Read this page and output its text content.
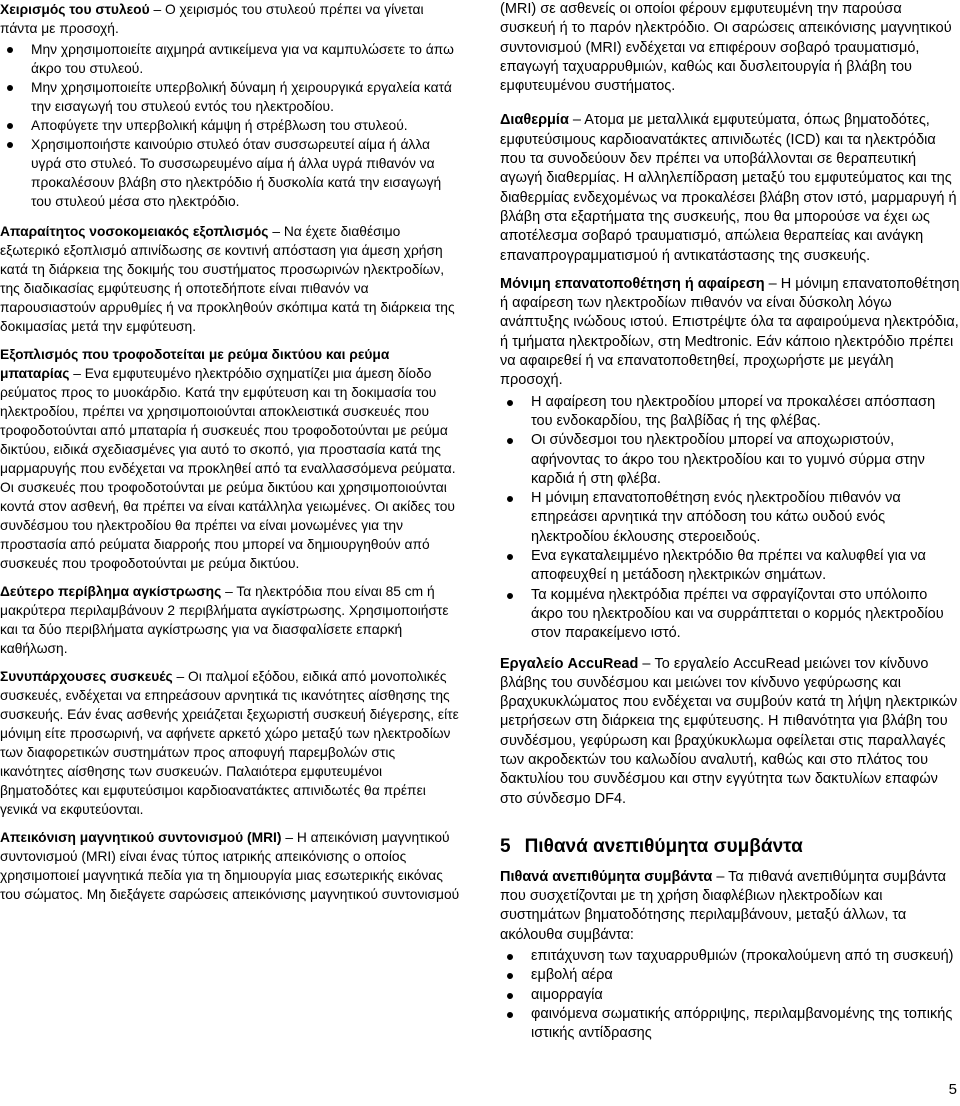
Χειρισμός του στυλεού – Ο χειρισμός του στυλεού πρέπει να γίνεται πάντα με προσοχή.

Μην χρησιμοποιείτε αιχμηρά αντικείμενα για να καμπυλώσετε το άπω άκρο του στυλεού.
Μην χρησιμοποιείτε υπερβολική δύναμη ή χειρουργικά εργαλεία κατά την εισαγωγή του στυλεού εντός του ηλεκτροδίου.
Αποφύγετε την υπερβολική κάμψη ή στρέβλωση του στυλεού.
Χρησιμοποιήστε καινούριο στυλεό όταν συσσωρευτεί αίμα ή άλλα υγρά στο στυλεό. Το συσσωρευμένο αίμα ή άλλα υγρά πιθανόν να προκαλέσουν βλάβη στο ηλεκτρόδιο ή δυσκολία κατά την εισαγωγή του στυλεού μέσα στο ηλεκτρόδιο.

Απαραίτητος νοσοκομειακός εξοπλισμός – Να έχετε διαθέσιμο εξωτερικό εξοπλισμό απινίδωσης σε κοντινή απόσταση για άμεση χρήση κατά τη διάρκεια της δοκιμής του συστήματος προσωρινών ηλεκτροδίων, της διαδικασίας εμφύτευσης ή οποτεδήποτε είναι πιθανόν να παρουσιαστούν αρρυθμίες ή να προκληθούν σκόπιμα κατά τη διάρκεια της δοκιμασίας μετά την εμφύτευση.

Εξοπλισμός που τροφοδοτείται με ρεύμα δικτύου και ρεύμα μπαταρίας – Ενα εμφυτευμένο ηλεκτρόδιο σχηματίζει μια άμεση δίοδο ρεύματος προς το μυοκάρδιο. Κατά την εμφύτευση και τη δοκιμασία του ηλεκτροδίου, πρέπει να χρησιμοποιούνται αποκλειστικά συσκευές που τροφοδοτούνται από μπαταρία ή συσκευές που τροφοδοτούνται με ρεύμα δικτύου, ειδικά σχεδιασμένες για αυτό το σκοπό, για προστασία κατά της μαρμαρυγής που ενδέχεται να προκληθεί από τα εναλλασσόμενα ρεύματα. Οι συσκευές που τροφοδοτούνται με ρεύμα δικτύου και χρησιμοποιούνται κοντά στον ασθενή, θα πρέπει να είναι κατάλληλα γειωμένες. Οι ακίδες του συνδέσμου του ηλεκτροδίου θα πρέπει να είναι μονωμένες για την προστασία από ρεύματα διαρροής που μπορεί να δημιουργηθούν από συσκευές που τροφοδοτούνται με ρεύμα δικτύου.

Δεύτερο περίβλημα αγκίστρωσης – Τα ηλεκτρόδια που είναι 85 cm ή μακρύτερα περιλαμβάνουν 2 περιβλήματα αγκίστρωσης. Χρησιμοποιήστε και τα δύο περιβλήματα αγκίστρωσης για να διασφαλίσετε επαρκή καθήλωση.

Συνυπάρχουσες συσκευές – Οι παλμοί εξόδου, ειδικά από μονοπολικές συσκευές, ενδέχεται να επηρεάσουν αρνητικά τις ικανότητες αίσθησης της συσκευής. Εάν ένας ασθενής χρειάζεται ξεχωριστή συσκευή διέγερσης, είτε μόνιμη είτε προσωρινή, να αφήνετε αρκετό χώρο μεταξύ των ηλεκτροδίων των διαφορετικών συστημάτων προς αποφυγή παρεμβολών στις ικανότητες αίσθησης των συσκευών. Παλαιότερα εμφυτευμένοι βηματοδότες και εμφυτεύσιμοι καρδιοανατάκτες απινιδωτές θα πρέπει γενικά να εκφυτεύονται.

Απεικόνιση μαγνητικού συντονισμού (MRI) – Η απεικόνιση μαγνητικού συντονισμού (MRI) είναι ένας τύπος ιατρικής απεικόνισης ο οποίος χρησιμοποιεί μαγνητικά πεδία για τη δημιουργία μιας εσωτερικής εικόνας του σώματος. Μη διεξάγετε σαρώσεις απεικόνισης μαγνητικού συντονισμού

(MRI) σε ασθενείς οι οποίοι φέρουν εμφυτευμένη την παρούσα συσκευή ή το παρόν ηλεκτρόδιο. Οι σαρώσεις απεικόνισης μαγνητικού συντονισμού (MRI) ενδέχεται να επιφέρουν σοβαρό τραυματισμό, επαγωγή ταχυαρρυθμιών, καθώς και δυσλειτουργία ή βλάβη του εμφυτευμένου συστήματος.

Διαθερμία – Ατομα με μεταλλικά εμφυτεύματα, όπως βηματοδότες, εμφυτεύσιμους καρδιοανατάκτες απινιδωτές (ICD) και τα ηλεκτρόδια που τα συνοδεύουν δεν πρέπει να υποβάλλονται σε θεραπευτική αγωγή διαθερμίας. Η αλληλεπίδραση μεταξύ του εμφυτεύματος και της διαθερμίας ενδεχομένως να προκαλέσει βλάβη στον ιστό, μαρμαρυγή ή βλάβη στα εξαρτήματα της συσκευής, που θα μπορούσε να έχει ως αποτέλεσμα σοβαρό τραυματισμό, απώλεια θεραπείας και ανάγκη επαναπρογραμματισμού ή αντικατάστασης της συσκευής.

Μόνιμη επανατοποθέτηση ή αφαίρεση – Η μόνιμη επανατοποθέτηση ή αφαίρεση των ηλεκτροδίων πιθανόν να είναι δύσκολη λόγω ανάπτυξης ινώδους ιστού. Επιστρέψτε όλα τα αφαιρούμενα ηλεκτρόδια, ή τμήματα ηλεκτροδίων, στη Medtronic. Εάν κάποιο ηλεκτρόδιο πρέπει να αφαιρεθεί ή να επανατοποθετηθεί, προχωρήστε με μεγάλη προσοχή.

Η αφαίρεση του ηλεκτροδίου μπορεί να προκαλέσει απόσπαση του ενδοκαρδίου, της βαλβίδας ή της φλέβας.
Οι σύνδεσμοι του ηλεκτροδίου μπορεί να αποχωριστούν, αφήνοντας το άκρο του ηλεκτροδίου και το γυμνό σύρμα στην καρδιά ή στη φλέβα.
Η μόνιμη επανατοποθέτηση ενός ηλεκτροδίου πιθανόν να επηρεάσει αρνητικά την απόδοση του κάτω ουδού ενός ηλεκτροδίου έκλουσης στεροειδούς.
Ενα εγκαταλειμμένο ηλεκτρόδιο θα πρέπει να καλυφθεί για να αποφευχθεί η μετάδοση ηλεκτρικών σημάτων.
Τα κομμένα ηλεκτρόδια πρέπει να σφραγίζονται στο υπόλοιπο άκρο του ηλεκτροδίου και να συρράπτεται ο κορμός ηλεκτροδίου στον παρακείμενο ιστό.

Εργαλείο AccuRead – Το εργαλείο AccuRead μειώνει τον κίνδυνο βλάβης του συνδέσμου και μειώνει τον κίνδυνο γεφύρωσης και βραχυκυκλώματος που ενδέχεται να συμβούν κατά τη λήψη ηλεκτρικών μετρήσεων στη διάρκεια της εμφύτευσης. Η πιθανότητα για βλάβη του συνδέσμου, γεφύρωση και βραχύκυκλωμα οφείλεται στις παραλλαγές των ακροδεκτών του καλωδίου αναλυτή, καθώς και στο πλάτος του δακτυλίου του συνδέσμου και στην εγγύτητα των δακτυλίων επαφών στο σύνδεσμο DF4.

5 Πιθανά ανεπιθύμητα συμβάντα

Πιθανά ανεπιθύμητα συμβάντα – Τα πιθανά ανεπιθύμητα συμβάντα που συσχετίζονται με τη χρήση διαφλέβιων ηλεκτροδίων και συστημάτων βηματοδότησης περιλαμβάνουν, μεταξύ άλλων, τα ακόλουθα συμβάντα:

επιτάχυνση των ταχυαρρυθμιών (προκαλούμενη από τη συσκευή)
εμβολή αέρα
αιμορραγία
φαινόμενα σωματικής απόρριψης, περιλαμβανομένης της τοπικής ιστικής αντίδρασης
5
